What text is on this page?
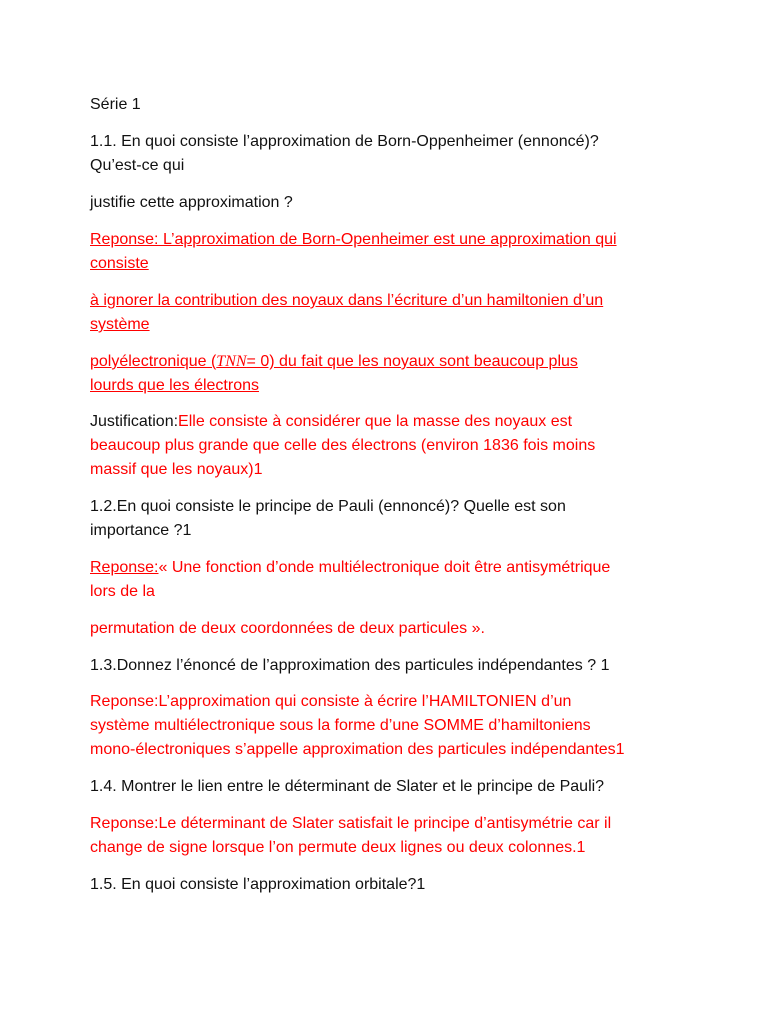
Série 1

1.1. En quoi consiste l’approximation de Born-Oppenheimer (ennoncé)?

Qu’est-ce qui

justifie cette approximation ?

Reponse: L’approximation de Born-Openheimer est une approximation qui

consiste

à ignorer la contribution des noyaux dans l’écriture d’un hamiltonien d’un

système

polyélectronique (TNN= 0) du fait que les noyaux sont beaucoup plus

lourds que les électrons

Justification:Elle consiste à considérer que la masse des noyaux est

beaucoup plus grande que celle des électrons (environ 1836 fois moins

massif que les noyaux)1

1.2.En quoi consiste le principe de Pauli (ennoncé)? Quelle est son

importance ?1

Reponse:« Une fonction d’onde multiélectronique doit être antisymétrique

lors de la

permutation de deux coordonnées de deux particules ».

1.3.Donnez l’énoncé de l’approximation des particules indépendantes ? 1

Reponse:L’approximation qui consiste à écrire l’HAMILTONIEN d’un

système multiélectronique sous la forme d’une SOMME d’hamiltoniens

mono-électroniques s’appelle approximation des particules indépendantes1

1.4. Montrer le lien entre le déterminant de Slater et le principe de Pauli?

Reponse:Le déterminant de Slater satisfait le principe d’antisymétrie car il

change de signe lorsque l’on permute deux lignes ou deux colonnes.1

1.5. En quoi consiste l’approximation orbitale?1
